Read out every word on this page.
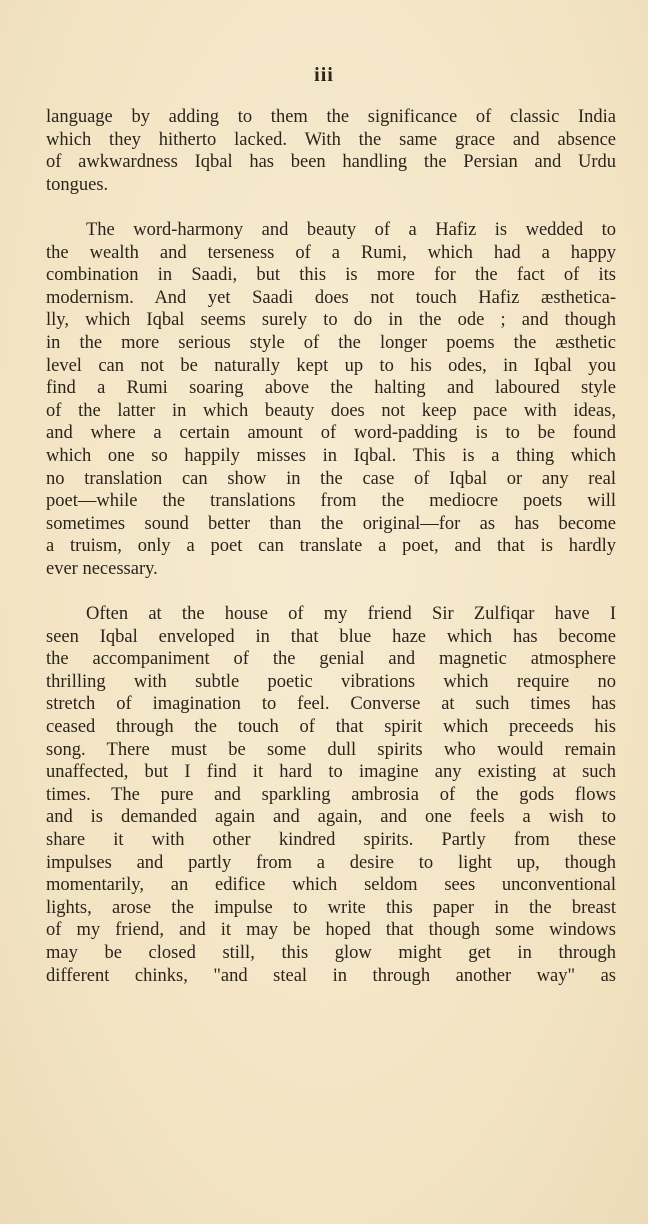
iii
language by adding to them the significance of classic India
which they hitherto lacked. With the same grace and absence
of awkwardness Iqbal has been handling the Persian and Urdu
tongues.
The word-harmony and beauty of a Hafiz is wedded to
the wealth and terseness of a Rumi, which had a happy
combination in Saadi, but this is more for the fact of its
modernism. And yet Saadi does not touch Hafiz æsthetica-
lly, which Iqbal seems surely to do in the ode ; and though
in the more serious style of the longer poems the æsthetic
level can not be naturally kept up to his odes, in Iqbal you
find a Rumi soaring above the halting and laboured style
of the latter in which beauty does not keep pace with ideas,
and where a certain amount of word-padding is to be found
which one so happily misses in Iqbal. This is a thing which
no translation can show in the case of Iqbal or any real
poet—while the translations from the mediocre poets will
sometimes sound better than the original—for as has become
a truism, only a poet can translate a poet, and that is hardly
ever necessary.
Often at the house of my friend Sir Zulfiqar have I
seen Iqbal enveloped in that blue haze which has become
the accompaniment of the genial and magnetic atmosphere
thrilling with subtle poetic vibrations which require no
stretch of imagination to feel. Converse at such times has
ceased through the touch of that spirit which preceeds his
song. There must be some dull spirits who would remain
unaffected, but I find it hard to imagine any existing at such
times. The pure and sparkling ambrosia of the gods flows
and is demanded again and again, and one feels a wish to
share it with other kindred spirits. Partly from these
impulses and partly from a desire to light up, though
momentarily, an edifice which seldom sees unconventional
lights, arose the impulse to write this paper in the breast
of my friend, and it may be hoped that though some windows
may be closed still, this glow might get in through
different chinks, "and steal in through another way" as
